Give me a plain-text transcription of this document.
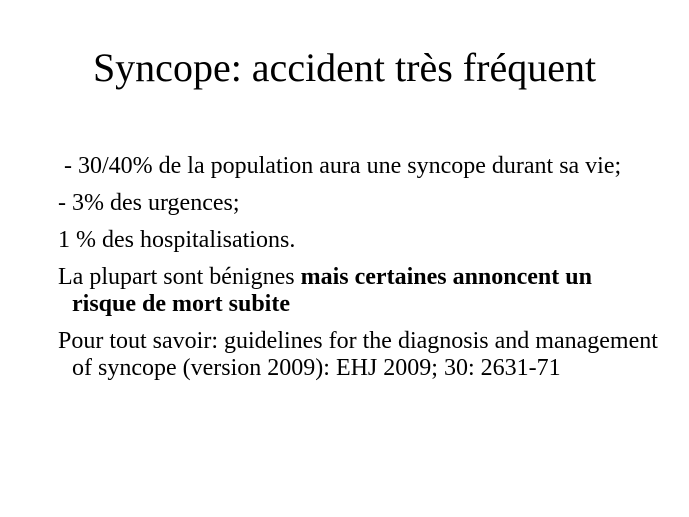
Syncope: accident très fréquent
- 30/40% de la population aura une syncope durant sa vie;
- 3% des urgences;
1 % des hospitalisations.
La plupart sont bénignes mais certaines annoncent un risque de mort subite
Pour tout savoir: guidelines for the diagnosis and management of syncope (version 2009): EHJ 2009; 30: 2631-71
